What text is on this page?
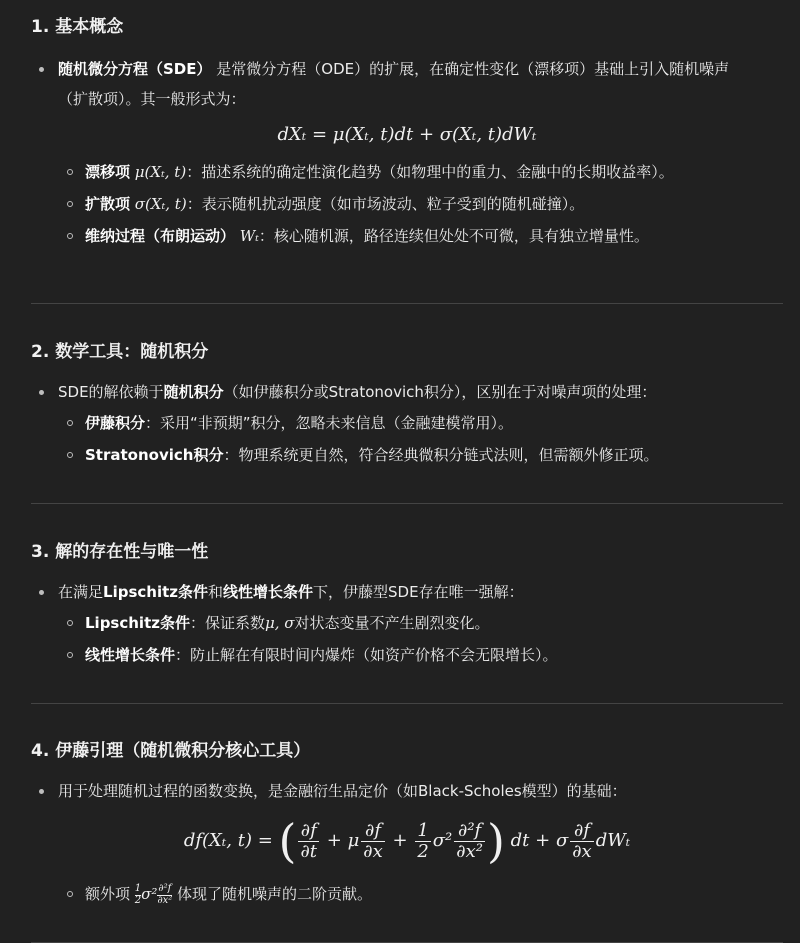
1. 基本概念
随机微分方程（SDE） 是常微分方程（ODE）的扩展，在确定性变化（漂移项）基础上引入随机噪声
（扩散项）。其一般形式为：
dXₜ = μ(Xₜ, t)dt + σ(Xₜ, t)dWₜ
漂移项 μ(Xₜ, t)：描述系统的确定性演化趋势（如物理中的重力、金融中的长期收益率）。
扩散项 σ(Xₜ, t)：表示随机扰动强度（如市场波动、粒子受到的随机碰撞）。
维纳过程（布朗运动） Wₜ：核心随机源，路径连续但处处不可微，具有独立增量性。
2. 数学工具：随机积分
SDE的解依赖于随机积分（如伊藤积分或Stratonovich积分），区别在于对噪声项的处理：
伊藤积分：采用“非预期”积分，忽略未来信息（金融建模常用）。
Stratonovich积分：物理系统更自然，符合经典微积分链式法则，但需额外修正项。
3. 解的存在性与唯一性
在满足Lipschitz条件和线性增长条件下，伊藤型SDE存在唯一强解：
Lipschitz条件：保证系数μ, σ对状态变量不产生剧烈变化。
线性增长条件：防止解在有限时间内爆炸（如资产价格不会无限增长）。
4. 伊藤引理（随机微积分核心工具）
用于处理随机过程的函数变换，是金融衍生品定价（如Black-Scholes模型）的基础：
df(Xₜ, t) = ( $\frac{\partial f}{\partial t} + \mu \frac{\partial f}{\partial x} + \frac{1}{2} \sigma^2 \frac{\text{∂²f}}{\text{∂x²}}$ ) dt + σ $\frac{\partial f}{\partial x}$ dWₜ
额外项 $\frac{1}{2} \sigma^2 \frac{\text{∂²f}}{\text{∂x²}}$ 体现了随机噪声的二阶贡献。
